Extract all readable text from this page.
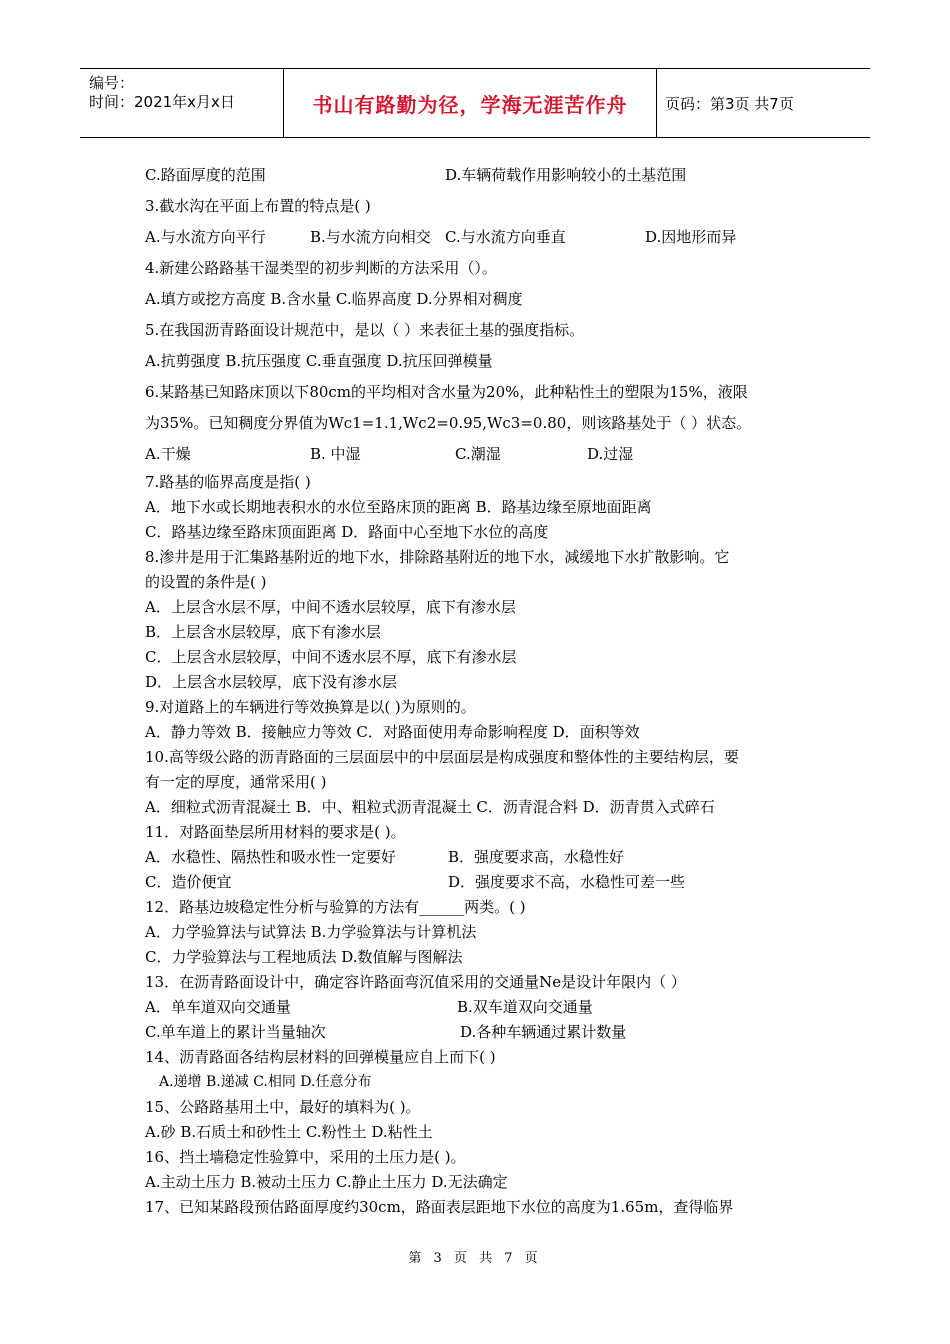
编号：
时间：2021年x月x日	书山有路勤为径，学海无涯苦作舟	页码：第3页 共7页
C.路面厚度的范围	D.车辆荷载作用影响较小的土基范围
3.截水沟在平面上布置的特点是( )
A.与水流方向平行	B.与水流方向相交 C.与水流方向垂直	D.因地形而异
4.新建公路路基干湿类型的初步判断的方法采用（）。
A.填方或挖方高度 B.含水量 C.临界高度 D.分界相对稠度
5.在我国沥青路面设计规范中，是以（ ）来表征土基的强度指标。
A.抗剪强度 B.抗压强度 C.垂直强度 D.抗压回弹模量
6.某路基已知路床顶以下80cm的平均相对含水量为20%，此种粘性土的塑限为15%，液限
为35%。已知稠度分界值为Wc1=1.1,Wc2=0.95,Wc3=0.80，则该路基处于（ ）状态。
A.干燥	B. 中湿	C.潮湿	D.过湿
7.路基的临界高度是指( )
A．地下水或长期地表积水的水位至路床顶的距离 B．路基边缘至原地面距离
C．路基边缘至路床顶面距离 D．路面中心至地下水位的高度
8.渗井是用于汇集路基附近的地下水，排除路基附近的地下水，减缓地下水扩散影响。它
的设置的条件是( )
A．上层含水层不厚，中间不透水层较厚，底下有渗水层
B．上层含水层较厚，底下有渗水层
C．上层含水层较厚，中间不透水层不厚，底下有渗水层
D．上层含水层较厚，底下没有渗水层
9.对道路上的车辆进行等效换算是以( )为原则的。
A．静力等效 B．接触应力等效 C．对路面使用寿命影响程度 D．面积等效
10.高等级公路的沥青路面的三层面层中的中层面层是构成强度和整体性的主要结构层，要
有一定的厚度，通常采用( )
A．细粒式沥青混凝土 B．中、粗粒式沥青混凝土 C．沥青混合料 D．沥青贯入式碎石
11．对路面垫层所用材料的要求是( )。
A．水稳性、隔热性和吸水性一定要好	B．强度要求高，水稳性好
C．造价便宜	D．强度要求不高，水稳性可差一些
12．路基边坡稳定性分析与验算的方法有______两类。( )
A．力学验算法与试算法 B.力学验算法与计算机法
C．力学验算法与工程地质法 D.数值解与图解法
13．在沥青路面设计中，确定容许路面弯沉值采用的交通量Ne是设计年限内（ ）
A．单车道双向交通量	B.双车道双向交通量
C.单车道上的累计当量轴次	D.各种车辆通过累计数量
14、沥青路面各结构层材料的回弹模量应自上而下( )
A.递增 B.递减 C.相同 D.任意分布
15、公路路基用土中，最好的填料为( )。
A.砂 B.石质土和砂性土 C.粉性土 D.粘性土
16、挡土墙稳定性验算中，采用的土压力是( )。
A.主动土压力 B.被动土压力 C.静止土压力 D.无法确定
17、已知某路段预估路面厚度约30cm，路面表层距地下水位的高度为1.65m，查得临界
第 3 页 共 7 页
